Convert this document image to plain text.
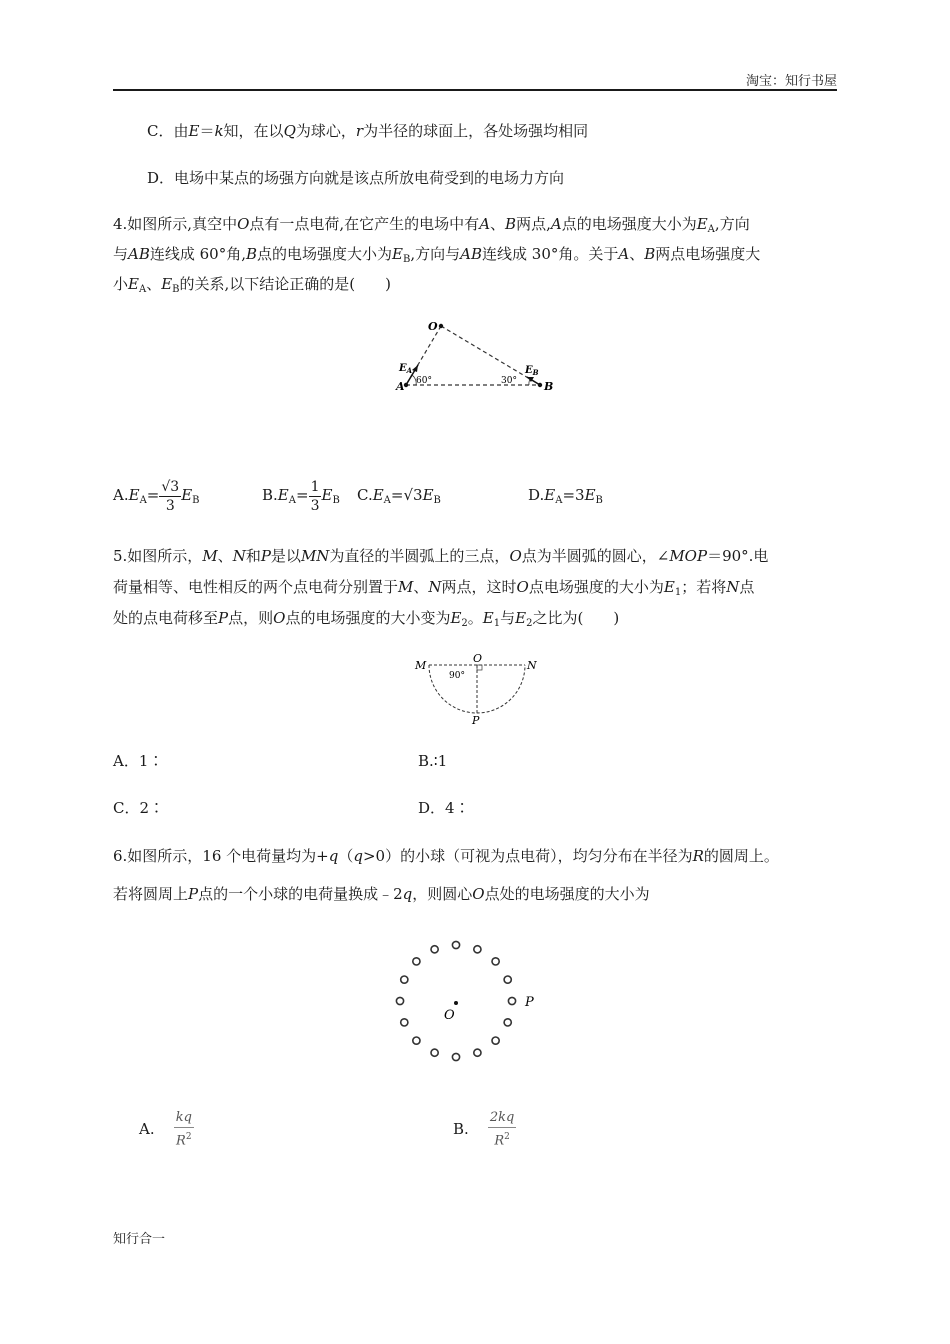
淘宝：知行书屋
C．由E＝k知，在以Q为球心，r为半径的球面上，各处场强均相同
D．电场中某点的场强方向就是该点所放电荷受到的电场力方向
4.如图所示,真空中O点有一点电荷,在它产生的电场中有A、B两点,A点的电场强度大小为$E_A$,方向
与AB连线成 60°角,B点的电场强度大小为$E_B$,方向与AB连线成 30°角。关于A、B两点电场强度大
小$E_A$、$E_B$的关系,以下结论正确的是(　　)
O
A	B
$E_A$	$E_B$
60°	30°
$A.E_A= \frac{√3}{3} E_B$	$B.E_A= \frac{1}{3} E_B$ $C.E_A=√3E_B$	$D.E_A=3E_B$
5.如图所示，M、N和P是以MN为直径的半圆弧上的三点，O点为半圆弧的圆心，∠MOP＝90°.电
荷量相等、电性相反的两个点电荷分别置于M、N两点，这时O点电场强度的大小为$E_1$；若将N点
处的点电荷移至P点，则O点的电场强度的大小变为$E_2$。$E_1$与$E_2$之比为(　　)
M
O
N
P
90°
A．1∶	B.∶1
C．2∶	D．4∶
6.如图所示，16 个电荷量均为+q（q>0）的小球（可视为点电荷），均匀分布在半径为R的圆周上。
若将圆周上P点的一个小球的电荷量换成﹣2q，则圆心O点处的电场强度的大小为
O
P
A. $\frac{kq}{R^2}$	B. $\frac{2kq}{R^2}$
知行合一
